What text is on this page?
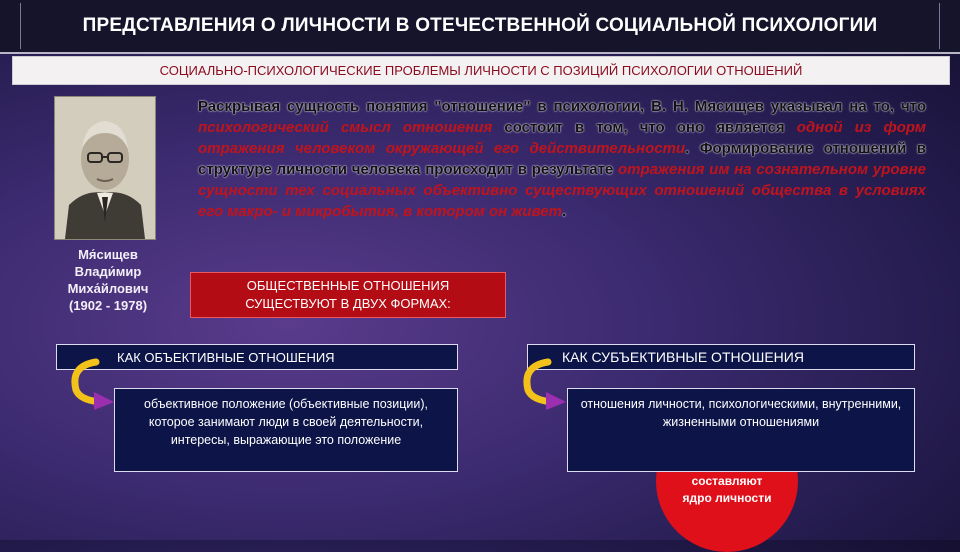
ПРЕДСТАВЛЕНИЯ О ЛИЧНОСТИ В ОТЕЧЕСТВЕННОЙ СОЦИАЛЬНОЙ ПСИХОЛОГИИ
СОЦИАЛЬНО-ПСИХОЛОГИЧЕСКИЕ ПРОБЛЕМЫ ЛИЧНОСТИ С ПОЗИЦИЙ ПСИХОЛОГИИ ОТНОШЕНИЙ
Мя́сищев
Влади́мир
Миха́йлович
(1902 - 1978)
Раскрывая сущность понятия "отношение" в психологии, В. Н. Мясищев указывал на то, что психологический смысл отношения состоит в том, что оно является одной из форм отражения человеком окружающей его действительности. Формирование отношений в структуре личности человека происходит в результате отражения им на сознательном уровне сущности тех социальных объективно существующих отношений общества в условиях его макро- и микробытия, в котором он живет.
ОБЩЕСТВЕННЫЕ ОТНОШЕНИЯ
СУЩЕСТВУЮТ В ДВУХ ФОРМАХ:
КАК ОБЪЕКТИВНЫЕ ОТНОШЕНИЯ	КАК СУБЪЕКТИВНЫЕ ОТНОШЕНИЯ
объективное положение (объективные позиции), которое занимают люди в своей деятельности, интересы, выражающие это положение
составляют
ядро личности
отношения личности, психологическими, внутренними, жизненными отношениями
